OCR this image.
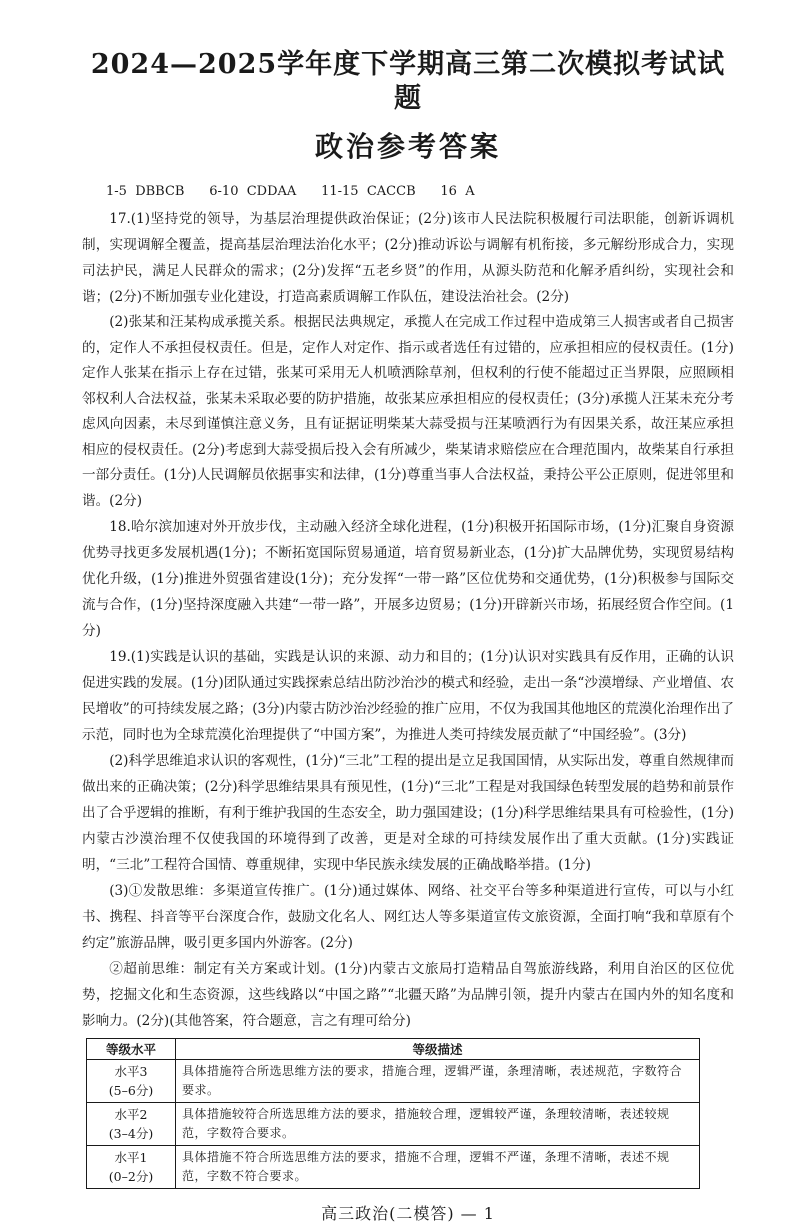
2024—2025学年度下学期高三第二次模拟考试试题
政治参考答案
1-5  DBBCB      6-10  CDDAA      11-15  CACCB      16  A

17.(1)坚持党的领导，为基层治理提供政治保证；(2分)该市人民法院积极履行司法职能，创新诉调机制，实现调解全覆盖，提高基层治理法治化水平；(2分)推动诉讼与调解有机衔接，多元解纷形成合力，实现司法护民，满足人民群众的需求；(2分)发挥“五老乡贤”的作用，从源头防范和化解矛盾纠纷，实现社会和谐；(2分)不断加强专业化建设，打造高素质调解工作队伍，建设法治社会。(2分)

(2)张某和汪某构成承揽关系。根据民法典规定，承揽人在完成工作过程中造成第三人损害或者自己损害的，定作人不承担侵权责任。但是，定作人对定作、指示或者选任有过错的，应承担相应的侵权责任。(1分)定作人张某在指示上存在过错，张某可采用无人机喷洒除草剂，但权利的行使不能超过正当界限，应照顾相邻权利人合法权益，张某未采取必要的防护措施，故张某应承担相应的侵权责任；(3分)承揽人汪某未充分考虑风向因素，未尽到谨慎注意义务，且有证据证明柴某大蒜受损与汪某喷洒行为有因果关系，故汪某应承担相应的侵权责任。(2分)考虑到大蒜受损后投入会有所减少，柴某请求赔偿应在合理范围内，故柴某自行承担一部分责任。(1分)人民调解员依据事实和法律，(1分)尊重当事人合法权益，秉持公平公正原则，促进邻里和谐。(2分)

18.哈尔滨加速对外开放步伐，主动融入经济全球化进程，(1分)积极开拓国际市场，(1分)汇聚自身资源优势寻找更多发展机遇(1分)；不断拓宽国际贸易通道，培育贸易新业态，(1分)扩大品牌优势，实现贸易结构优化升级，(1分)推进外贸强省建设(1分)；充分发挥“一带一路”区位优势和交通优势，(1分)积极参与国际交流与合作，(1分)坚持深度融入共建“一带一路”，开展多边贸易；(1分)开辟新兴市场，拓展经贸合作空间。(1分)

19.(1)实践是认识的基础，实践是认识的来源、动力和目的；(1分)认识对实践具有反作用，正确的认识促进实践的发展。(1分)团队通过实践探索总结出防沙治沙的模式和经验，走出一条“沙漠增绿、产业增值、农民增收”的可持续发展之路；(3分)内蒙古防沙治沙经验的推广应用，不仅为我国其他地区的荒漠化治理作出了示范，同时也为全球荒漠化治理提供了“中国方案”，为推进人类可持续发展贡献了“中国经验”。(3分)

(2)科学思维追求认识的客观性，(1分)“三北”工程的提出是立足我国国情，从实际出发，尊重自然规律而做出来的正确决策；(2分)科学思维结果具有预见性，(1分)“三北”工程是对我国绿色转型发展的趋势和前景作出了合乎逻辑的推断，有利于维护我国的生态安全，助力强国建设；(1分)科学思维结果具有可检验性，(1分)内蒙古沙漠治理不仅使我国的环境得到了改善，更是对全球的可持续发展作出了重大贡献。(1分)实践证明，“三北”工程符合国情、尊重规律，实现中华民族永续发展的正确战略举措。(1分)

(3)①发散思维：多渠道宣传推广。(1分)通过媒体、网络、社交平台等多种渠道进行宣传，可以与小红书、携程、抖音等平台深度合作，鼓励文化名人、网红达人等多渠道宣传文旅资源，全面打响“我和草原有个约定”旅游品牌，吸引更多国内外游客。(2分)

②超前思维：制定有关方案或计划。(1分)内蒙古文旅局打造精品自驾旅游线路，利用自治区的区位优势，挖掘文化和生态资源，这些线路以“中国之路”“北疆天路”为品牌引领，提升内蒙古在国内外的知名度和影响力。(2分)(其他答案，符合题意，言之有理可给分)

等级水平	等级描述

水平3
(5–6分)	具体措施符合所选思维方法的要求，措施合理，逻辑严谨，条理清晰，表述规范，字数符合要求。

水平2
(3–4分)	具体措施较符合所选思维方法的要求，措施较合理，逻辑较严谨，条理较清晰，表述较规范，字数符合要求。

水平1
(0–2分)	具体措施不符合所选思维方法的要求，措施不合理，逻辑不严谨，条理不清晰，表述不规范，字数不符合要求。
高三政治(二模答) — 1
